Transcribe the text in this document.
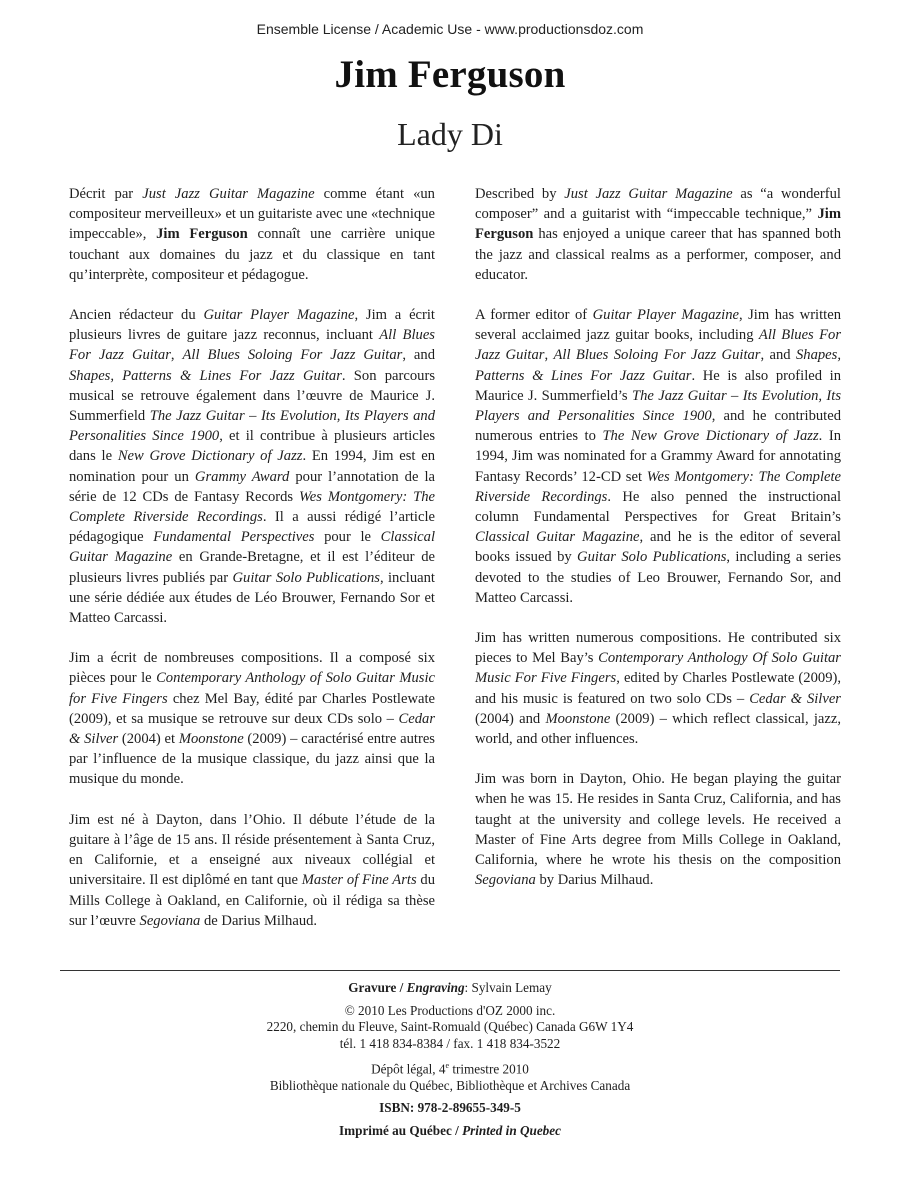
Ensemble License / Academic Use - www.productionsdoz.com
Jim Ferguson
Lady Di

Décrit par Just Jazz Guitar Magazine comme étant «un compositeur merveilleux» et un guitariste avec une «technique impeccable», Jim Ferguson connaît une carrière unique touchant aux domaines du jazz et du classique en tant qu’interprète, compositeur et pédagogue.

Ancien rédacteur du Guitar Player Magazine, Jim a écrit plusieurs livres de guitare jazz reconnus, incluant All Blues For Jazz Guitar, All Blues Soloing For Jazz Guitar, and Shapes, Patterns & Lines For Jazz Guitar. Son parcours musical se retrouve également dans l’œuvre de Maurice J. Summerfield The Jazz Guitar – Its Evolution, Its Players and Personalities Since 1900, et il contribue à plusieurs articles dans le New Grove Dictionary of Jazz. En 1994, Jim est en nomination pour un Grammy Award pour l’annotation de la série de 12 CDs de Fantasy Records Wes Montgomery: The Complete Riverside Recordings. Il a aussi rédigé l’article pédagogique Fundamental Perspectives pour le Classical Guitar Magazine en Grande-Bretagne, et il est l’éditeur de plusieurs livres publiés par Guitar Solo Publications, incluant une série dédiée aux études de Léo Brouwer, Fernando Sor et Matteo Carcassi.

Jim a écrit de nombreuses compositions. Il a composé six pièces pour le Contemporary Anthology of Solo Guitar Music for Five Fingers chez Mel Bay, édité par Charles Postlewate (2009), et sa musique se retrouve sur deux CDs solo – Cedar & Silver (2004) et Moonstone (2009) – caractérisé entre autres par l’influence de la musique classique, du jazz ainsi que la musique du monde.

Jim est né à Dayton, dans l’Ohio. Il débute l’étude de la guitare à l’âge de 15 ans. Il réside présentement à Santa Cruz, en Californie, et a enseigné aux niveaux collégial et universitaire. Il est diplômé en tant que Master of Fine Arts du Mills College à Oakland, en Californie, où il rédiga sa thèse sur l’œuvre Segoviana de Darius Milhaud.

Described by Just Jazz Guitar Magazine as “a wonderful composer” and a guitarist with “impeccable technique,” Jim Ferguson has enjoyed a unique career that has spanned both the jazz and classical realms as a performer, composer, and educator.

A former editor of Guitar Player Magazine, Jim has written several acclaimed jazz guitar books, including All Blues For Jazz Guitar, All Blues Soloing For Jazz Guitar, and Shapes, Patterns & Lines For Jazz Guitar. He is also profiled in Maurice J. Summerfield’s The Jazz Guitar – Its Evolution, Its Players and Personalities Since 1900, and he contributed numerous entries to The New Grove Dictionary of Jazz. In 1994, Jim was nominated for a Grammy Award for annotating Fantasy Records’ 12-CD set Wes Montgomery: The Complete Riverside Recordings. He also penned the instructional column Fundamental Perspectives for Great Britain’s Classical Guitar Magazine, and he is the editor of several books issued by Guitar Solo Publications, including a series devoted to the studies of Leo Brouwer, Fernando Sor, and Matteo Carcassi.

Jim has written numerous compositions. He contributed six pieces to Mel Bay’s Contemporary Anthology Of Solo Guitar Music For Five Fingers, edited by Charles Postlewate (2009), and his music is featured on two solo CDs – Cedar & Silver (2004) and Moonstone (2009) – which reflect classical, jazz, world, and other influences.

Jim was born in Dayton, Ohio. He began playing the guitar when he was 15. He resides in Santa Cruz, California, and has taught at the university and college levels. He received a Master of Fine Arts degree from Mills College in Oakland, California, where he wrote his thesis on the composition Segoviana by Darius Milhaud.

Gravure / Engraving: Sylvain Lemay
© 2010 Les Productions d'OZ 2000 inc.
2220, chemin du Fleuve, Saint-Romuald (Québec) Canada G6W 1Y4
tél. 1 418 834-8384 / fax. 1 418 834-3522
Dépôt légal, 4e trimestre 2010
Bibliothèque nationale du Québec, Bibliothèque et Archives Canada
ISBN: 978-2-89655-349-5
Imprimé au Québec / Printed in Quebec
